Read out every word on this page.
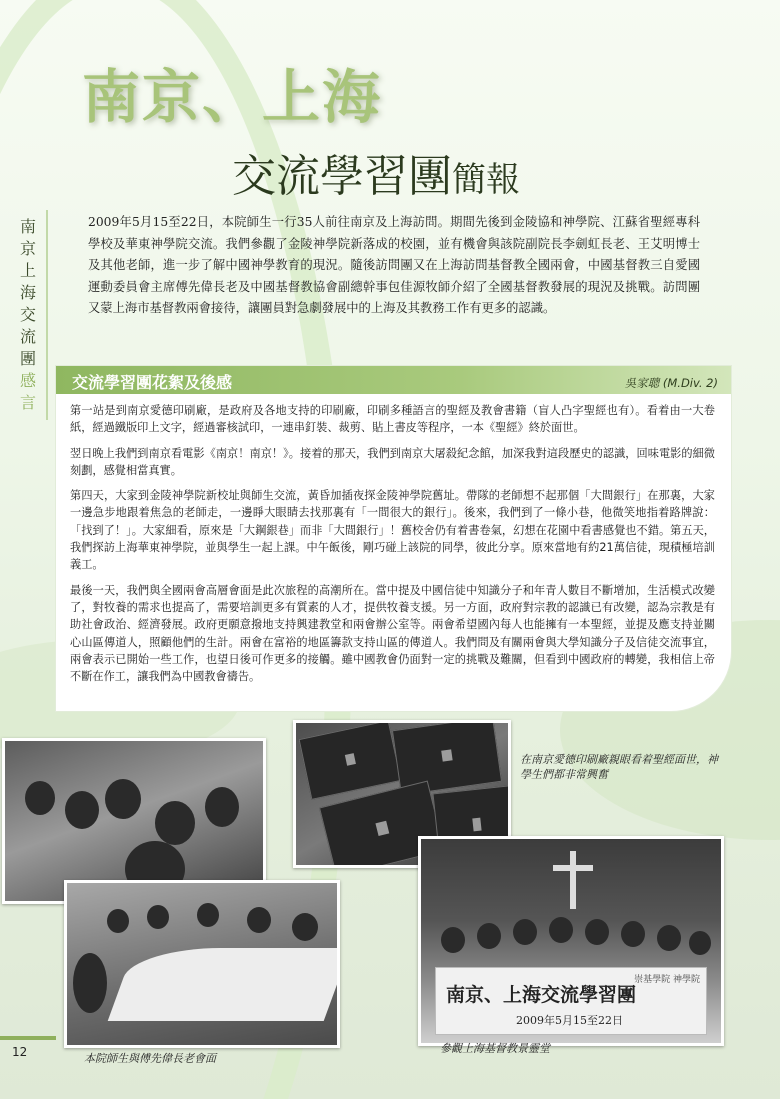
南京、上海
交流學習團簡報
南
京
上
海
交
流
團
感
言
2009年5月15至22日，本院師生一行35人前往南京及上海訪問。期間先後到金陵協和神學院、江蘇省聖經專科學校及華東神學院交流。我們參觀了金陵神學院新落成的校園，並有機會與該院副院長李劍虹長老、王艾明博士及其他老師，進一步了解中國神學教育的現況。隨後訪問團又在上海訪問基督教全國兩會，中國基督教三自愛國運動委員會主席傅先偉長老及中國基督教協會副總幹事包佳源牧師介紹了全國基督教發展的現況及挑戰。訪問團又蒙上海市基督教兩會接待，讓團員對急劇發展中的上海及其教務工作有更多的認識。
交流學習團花絮及後感	吳家聰 (M.Div. 2)

第一站是到南京愛德印刷廠，是政府及各地支持的印刷廠，印刷多種語言的聖經及教會書籍（盲人凸字聖經也有）。看着由一大卷紙，經過鐵版印上文字，經過審核試印，一連串釘裝、裁剪、貼上書皮等程序，一本《聖經》終於面世。

翌日晚上我們到南京看電影《南京！南京！》。接着的那天，我們到南京大屠殺紀念館，加深我對這段歷史的認識，回味電影的細微刻劃，感覺相當真實。

第四天，大家到金陵神學院新校址與師生交流，黃昏加插夜探金陵神學院舊址。帶隊的老師想不起那個「大間銀行」在那裏，大家一邊急步地跟着焦急的老師走，一邊睜大眼睛去找那裏有「一間很大的銀行」。後來，我們到了一條小巷，他微笑地指着路牌說：「找到了！」。大家細看，原來是「大鋼銀巷」而非「大間銀行」！舊校舍仍有着書卷氣，幻想在花園中看書感覺也不錯。第五天，我們探訪上海華東神學院，並與學生一起上課。中午飯後，剛巧碰上該院的同學，彼此分享。原來當地有約21萬信徒，現積極培訓義工。

最後一天，我們與全國兩會高層會面是此次旅程的高潮所在。當中提及中國信徒中知識分子和年青人數目不斷增加，生活模式改變了，對牧養的需求也提高了，需要培訓更多有質素的人才，提供牧養支援。另一方面，政府對宗教的認識已有改變，認為宗教是有助社會政治、經濟發展。政府更願意撥地支持興建教堂和兩會辦公室等。兩會希望國內每人也能擁有一本聖經，並提及應支持並關心山區傳道人，照顧他們的生計。兩會在富裕的地區籌款支持山區的傳道人。我們問及有關兩會與大學知識分子及信徒交流事宜，兩會表示已開始一些工作，也望日後可作更多的接觸。雖中國教會仍面對一定的挑戰及難關，但看到中國政府的轉變，我相信上帝不斷在作工，讓我們為中國教會禱告。

崇基學院 神學院
南京、上海交流學習團
2009年5月15至22日
在南京愛德印刷廠親眼看着聖經面世，神學生們都非常興奮
本院師生與傅先偉長老會面
參觀上海基督教景靈堂
12
